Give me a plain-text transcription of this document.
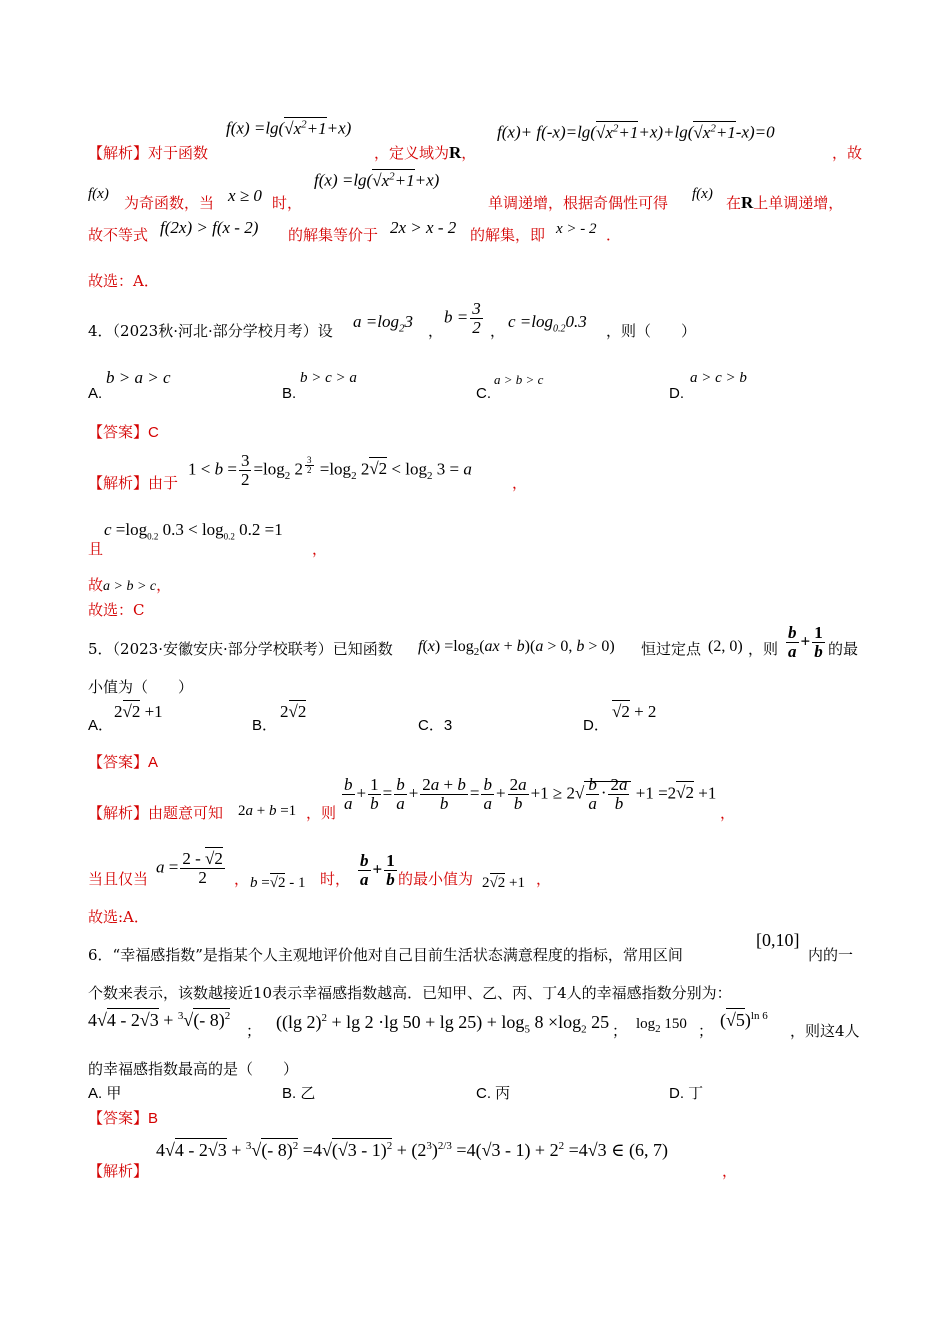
【解析】对于函数
$f(x) =\lg(√x^2+1+x)$
，定义域为R，
$f(x)+ f(-x)=\lg(√x^2+1+x)+\lg(√x^2+1-x)=0$
，故
f(x) 为奇函数，当 x ≥ 0 时，
$f(x) =\lg(√x^2+1+x)$
单调递增，根据奇偶性可得 f(x) 在R上单调递增，
故不等式 f(2x) > f(x - 2) 的解集等价于 2x > x - 2 的解集，即 x > - 2 ．
故选：A．
4．（2023秋·河北·部分学校月考）设 $a =\log_23$ ，
$b = \frac{3}{2}$ ， $c =\log_{0.2}0.3$ ，则（　　）
A.
b > a > c
B.
b > c > a
C.
a > b > c
D.
a > c > b
【答案】C
【解析】由于
$1 < b = \frac{3}{2} =\log_2$ 2 $^{\frac{3}{2}} =\log_2$ $2√2 < \log_2 3 = a$
，
且
$c =\log_{0.2}$ $0.3 < \log_{0.2} 0.2 =1$
，
故a > b > c，
故选：C
5．（2023·安徽安庆·部分学校联考）已知函数 $f(x) =\log_2(ax + b)(a > 0$, b > 0) 恒过定点 (2, 0) ，则 $\frac{b}{a} + \frac{1}{b}$ 的最
小值为（　　）
A．
2√2 +1
B．
2√2
C．3	D．
√2 + 2
【答案】A
【解析】由题意可知 2a + b =1 ，则 $\frac{b}{a} + \frac{1}{b} = \frac{b}{a} + \frac{2a + b}{b} = \frac{b}{a} + \frac{2a}{b} +1 \ge 2√ \frac{b}{a} \cdot \frac{2a}{b} +1 =2√2 +1$
，
当且仅当
$a = \frac{2 - √2}{2}$ ， b =√2 - 1 时， $\frac{b}{a} + \frac{1}{b}$ 的最小值为 2√2 +1 ，
故选:A．
6．“幸福感指数”是指某个人主观地评价他对自己目前生活状态满意程度的指标，常用区间
[0,10]
内的一
个数来表示，该数越接近10表示幸福感指数越高．已知甲、乙、丙、丁4人的幸福感指数分别为：
4√4 - 2√3 + $^3$√(- 8)$^2$
； ((lg 2)$^2$ + lg 2 ·lg $50 + \lg 25) + \log_5 8 \times\log_2$ 25 ； $\log_2 150$ ；
$(√5)^{ln 6}$
，则这4人
的幸福感指数最高的是（　　）
A. 甲	B. 乙	C. 丙	D. 丁
【答案】B
【解析】
4√4 - 2√3 + $^3$√(- $8)^2 =4√(√3 - 1)^2 + (2^3)^{2/3} =4(√3 - 1) + 2^2 =4√3$ ∈ (6, 7)
，
